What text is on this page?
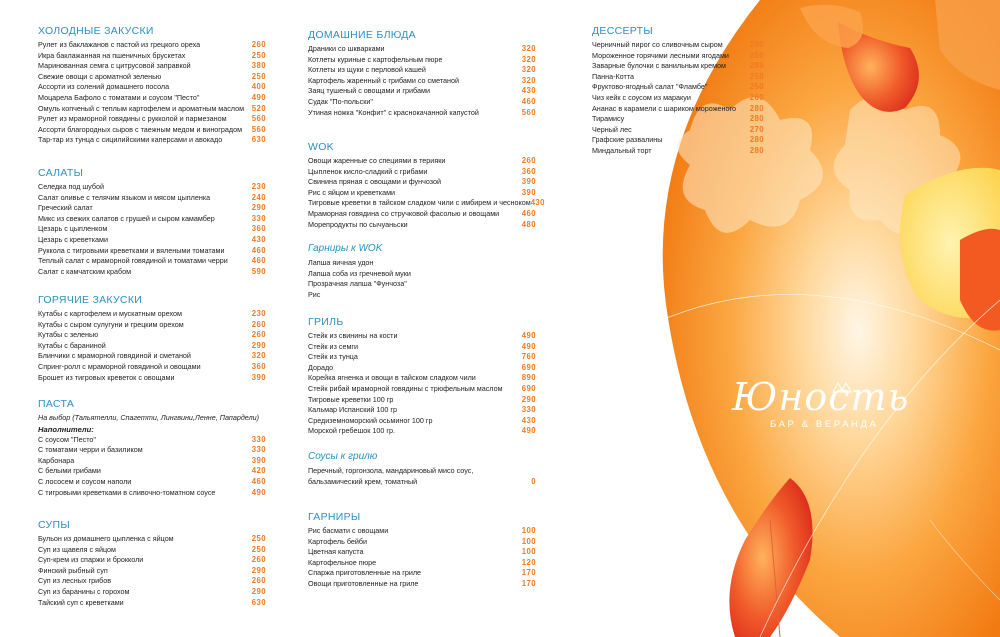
ХОЛОДНЫЕ ЗАКУСКИ
Рулет из баклажанов с пастой из грецкого ореха	260
Икра баклажанная на пшеничных брускетах	250
Маринованная семга с цитрусовой заправкой	380
Свежие овощи с ароматной зеленью	250
Ассорти из солений домашнего посола	400
Моцарела Бафоло с томатами и соусом "Песто"	490
Омуль копченый с теплым картофелем и ароматным маслом 520
Рулет из мраморной говядины с рукколой и пармезаном	560
Ассорти благородных сыров с таежным медом и виноградом 560
Тар-тар из тунца с сицилийскими каперсами и авокадо	630
САЛАТЫ
Селедка под шубой	230
Салат оливье с телячим языком и мясом цыпленка	240
Греческий салат	290
Микс из свежих салатов с грушей и сыром камамбер	330
Цезарь с цыпленком	360
Цезарь с креветками	430
Руккола с тигровыми креветками и вялеными томатами	460
Теплый салат с мраморной говядиной и томатами черри	460
Салат с камчатским крабом	590
ГОРЯЧИЕ ЗАКУСКИ
Кутабы с картофелем и мускатным орехом	230
Кутабы с сыром сулугуни и грецким орехом	260
Кутабы с зеленью	260
Кутабы с бараниной	290
Блинчики с мраморной говядиной и сметаной	320
Спринг-ролл с мраморной говядиной и овощами	360
Брошет из тигровых креветок с овощами	390
ПАСТА
На выбор (Тальятелли, Спагетти, Лингвини,Ленне, Папардели)
Наполнители:
С соусом "Песто"	330
С томатами черри и базиликом	330
Карбонара	390
С белыми грибами	420
С лососем и соусом наполи	460
С тигровыми креветками в сливочно-томатном соусе	490
СУПЫ
Бульон из домашнего цыпленка с яйцом	250
Суп из щавеля с яйцом	250
Суп-крем из спаржи и брокколи	260
Финский рыбный суп	290
Суп из лесных грибов	260
Суп из баранины с горохом	290
Тайский суп с креветками	630
ДОМАШНИЕ БЛЮДА
Драники со шкварками	320
Котлеты куриные с картофельным пюре	320
Котлеты из щуки с перловой кашей	320
Картофель жаренный с грибами со сметаной	320
Заяц тушеный с овощами и грибами	430
Судак "По-польски"	460
Утиная ножка "Конфит" с краснокачанной капустой	560
WOK
Овощи жаренные со специями в терияки	260
Цыпленок кисло-сладкий с грибами	360
Свинина пряная с овощами и фунчозой	390
Рис с яйцом и креветками	390
Тигровые креветки в тайском сладком чили с имбирем и чесноком 430
Мраморная говядина со стручковой фасолью и овощами	460
Морепродукты по сычуаньски	480
Гарниры к WOK
Лапша яичная удон
Лапша соба из гречневой муки
Прозрачная лапша "Фунчоза"
Рис
ГРИЛЬ
Стейк из свинины на кости	490
Стейк из семги	490
Стейк из тунца	760
Дорадо	690
Корейка ягненка и овощи в тайском сладком чили	890
Стейк рибай мраморной говядины с трюфельным маслом 690
Тигровые креветки 100 гр	290
Кальмар Испанский 100 гр	330
Средиземноморский осьминог 100 гр	430
Морской гребешок 100 гр.	490
Соусы к грилю
Перечный, горгонзола, мандариновый мисо соус,
бальзамический крем, томатный	0
ГАРНИРЫ
Рис басмати с овощами	100
Картофель бейби	100
Цветная капуста	100
Картофельное пюре	120
Спаржа приготовленные на гриле	170
Овощи приготовленные на гриле	170
ДЕССЕРТЫ
Черничный пирог со сливочным сыром	290
Мороженное горячими лесными ягодами	250
Заварные булочки с ванильным кремом	280
Панна-Котта	250
Фруктово-ягодный салат "Фламбе"	250
Чиз кейк с соусом из маракуи	260
Ананас в карамели с шариком мороженого 280
Тирамису	280
Черный лес	270
Графские развалины	280
Миндальный торт	280
Юность
БАР & ВЕРАНДА
